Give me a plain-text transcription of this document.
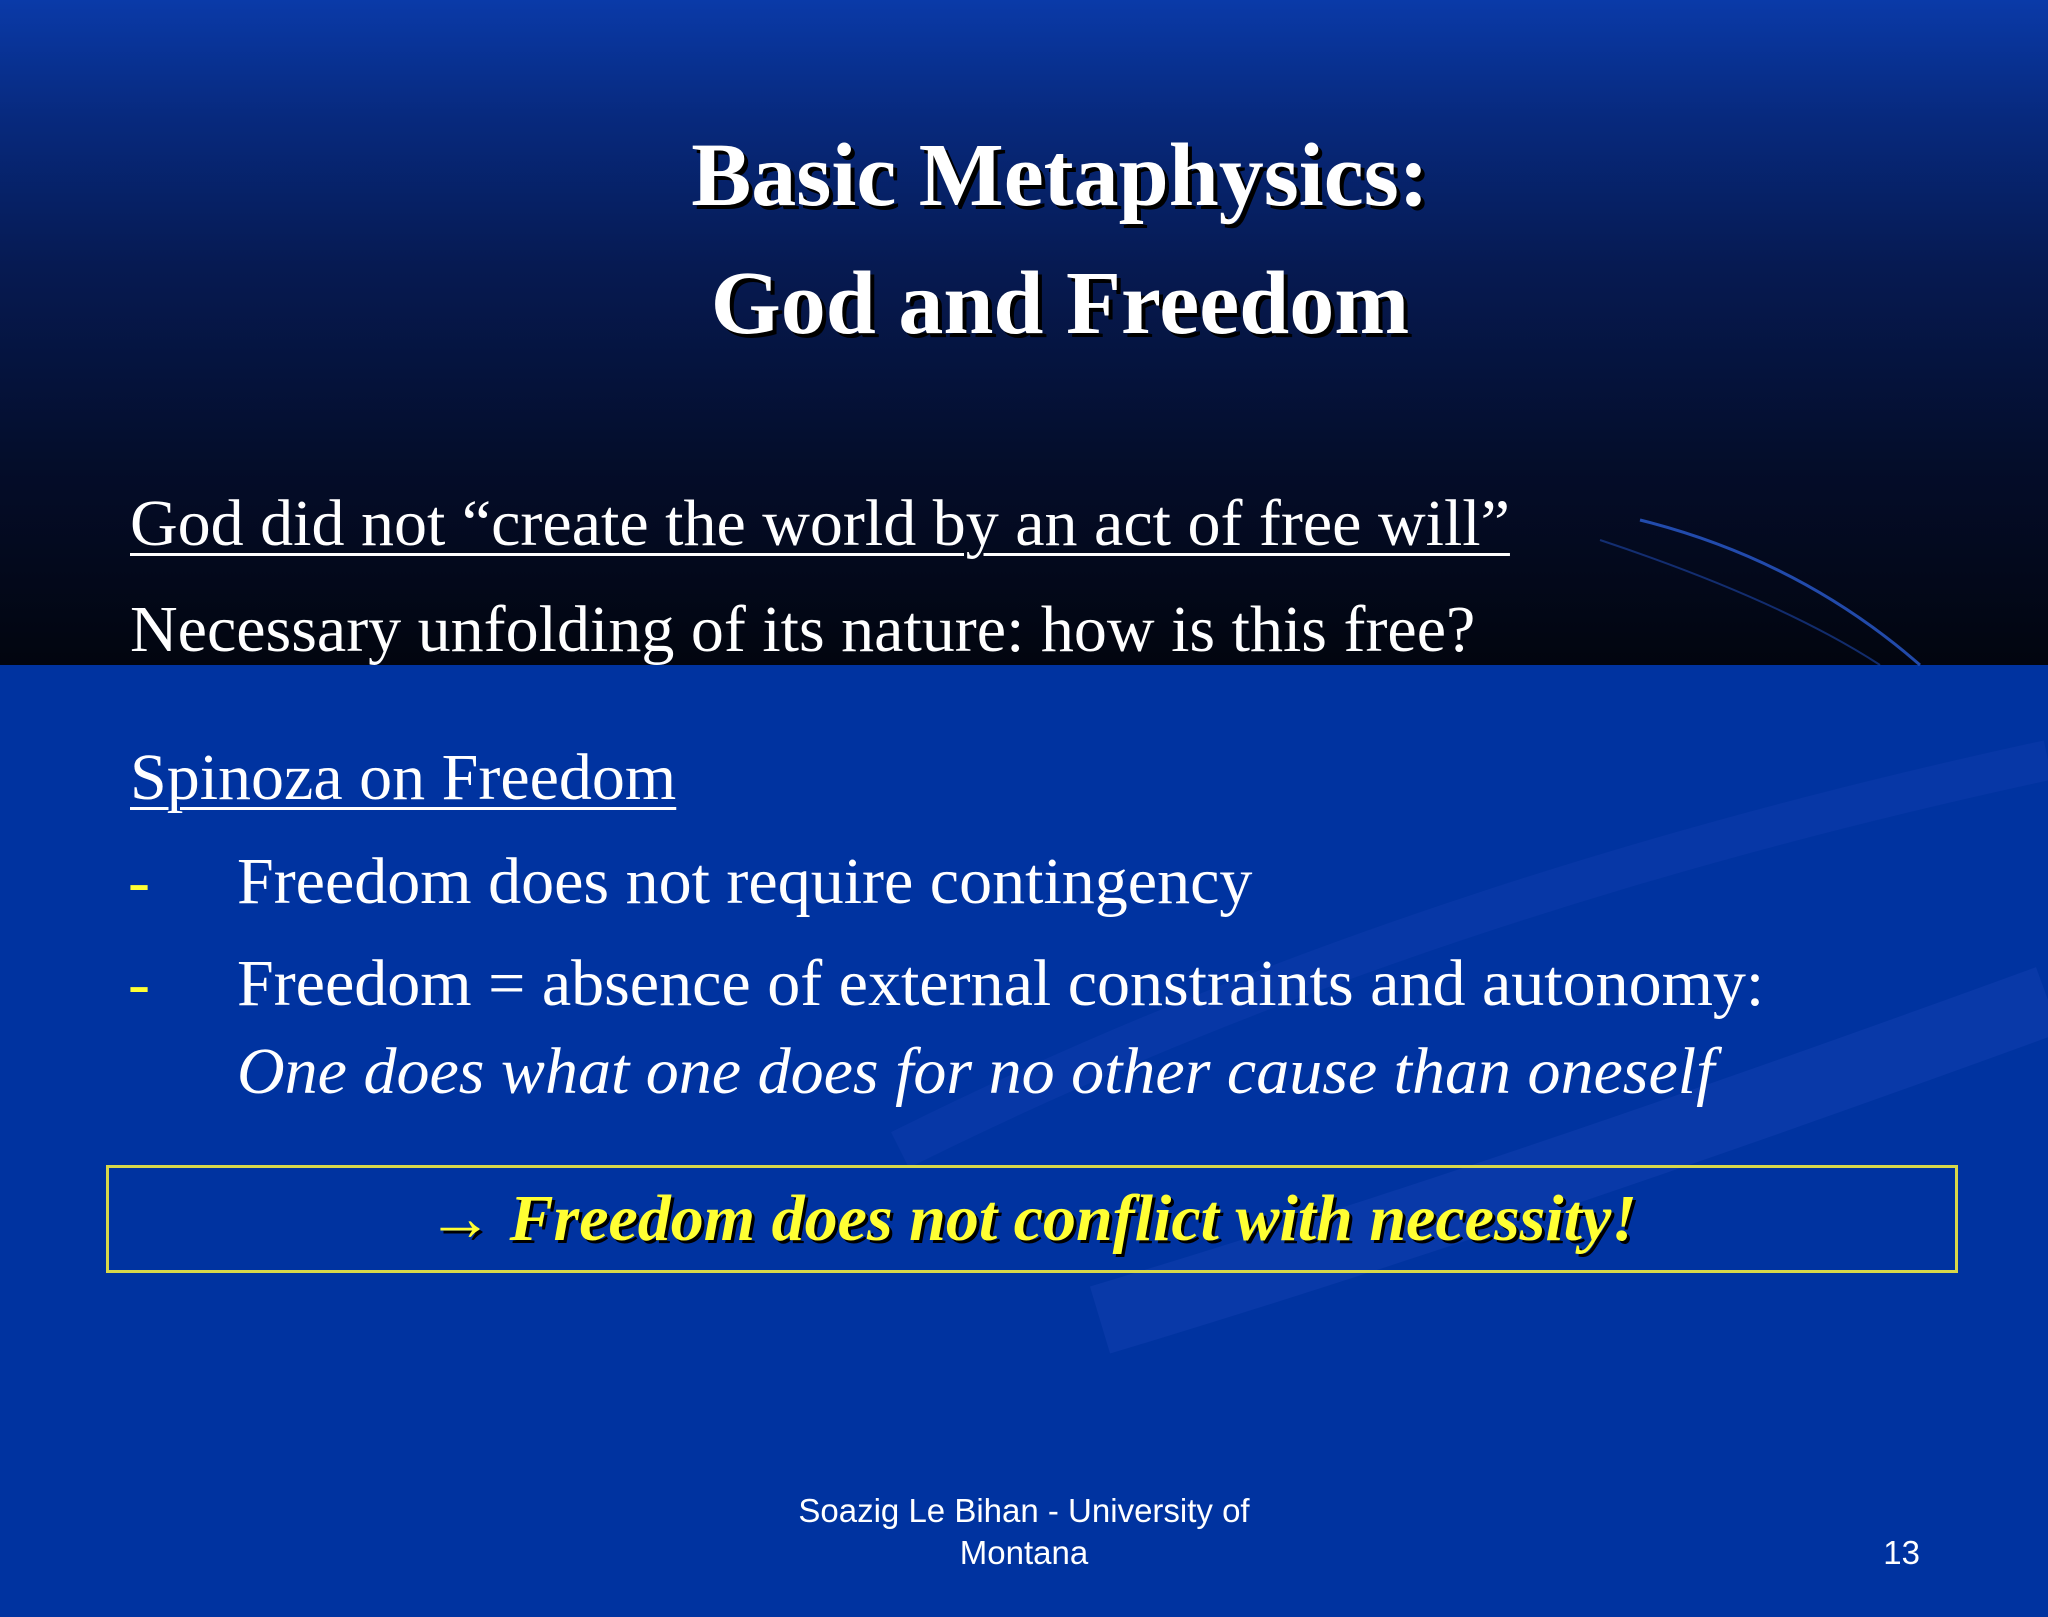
Basic Metaphysics:
God and Freedom
God did not “create the world by an act of free will”
Necessary unfolding of its nature: how is this free?
Spinoza on Freedom
- Freedom does not require contingency
- Freedom = absence of external constraints and autonomy:
One does what one does for no other cause than oneself
→ Freedom does not conflict with necessity!
Soazig Le Bihan - University of
Montana	13
